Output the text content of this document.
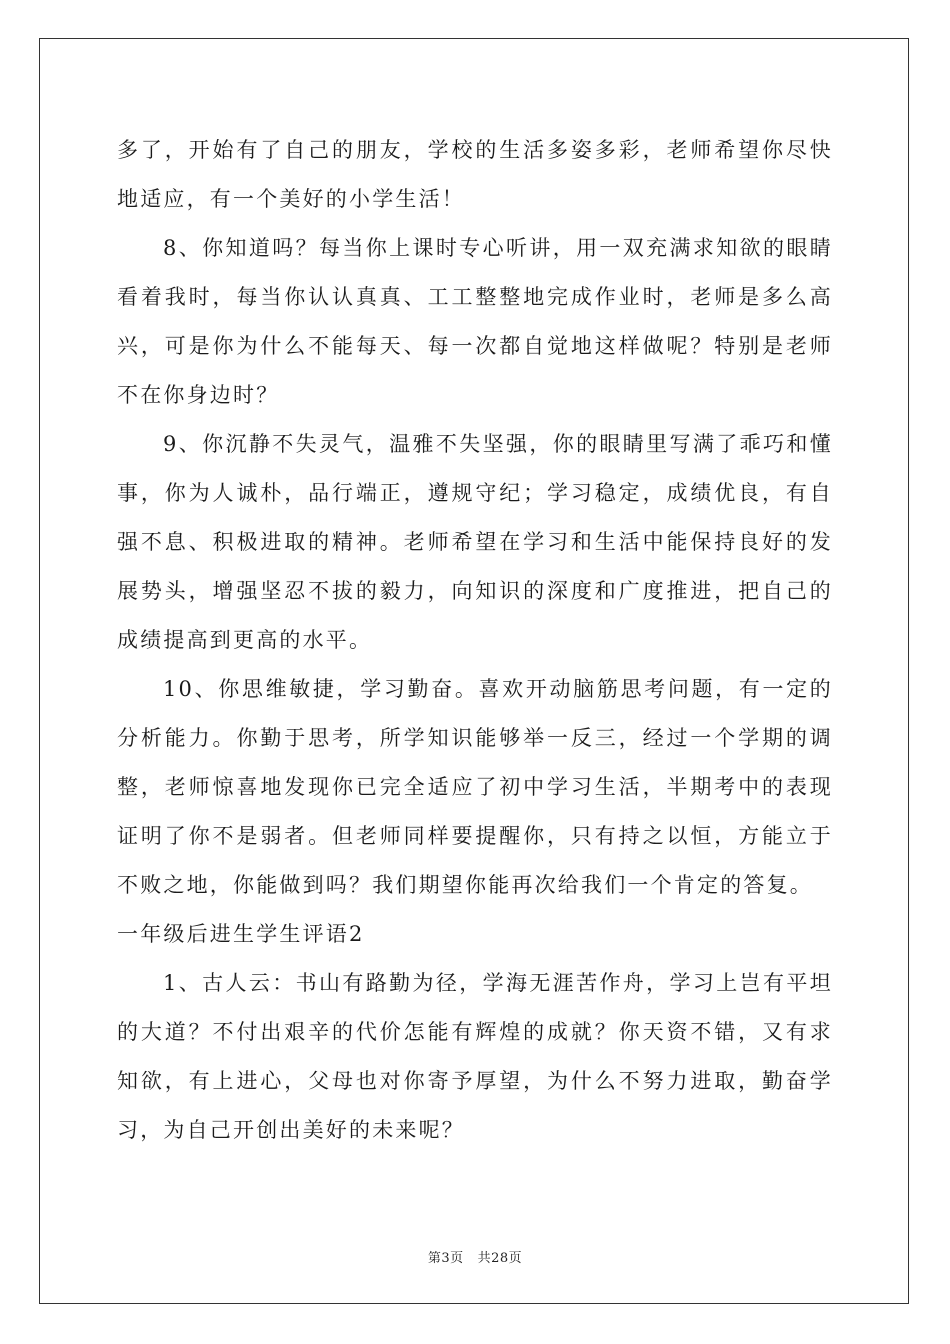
多了，开始有了自己的朋友，学校的生活多姿多彩，老师希望你尽快地适应，有一个美好的小学生活！

8、你知道吗？每当你上课时专心听讲，用一双充满求知欲的眼睛看着我时，每当你认认真真、工工整整地完成作业时，老师是多么高兴，可是你为什么不能每天、每一次都自觉地这样做呢？特别是老师不在你身边时？

9、你沉静不失灵气，温雅不失坚强，你的眼睛里写满了乖巧和懂事，你为人诚朴，品行端正，遵规守纪；学习稳定，成绩优良，有自强不息、积极进取的精神。老师希望在学习和生活中能保持良好的发展势头，增强坚忍不拔的毅力，向知识的深度和广度推进，把自己的成绩提高到更高的水平。

10、你思维敏捷，学习勤奋。喜欢开动脑筋思考问题，有一定的分析能力。你勤于思考，所学知识能够举一反三，经过一个学期的调整，老师惊喜地发现你已完全适应了初中学习生活，半期考中的表现证明了你不是弱者。但老师同样要提醒你，只有持之以恒，方能立于不败之地，你能做到吗？我们期望你能再次给我们一个肯定的答复。

一年级后进生学生评语2

1、古人云：书山有路勤为径，学海无涯苦作舟，学习上岂有平坦的大道？不付出艰辛的代价怎能有辉煌的成就？你天资不错，又有求知欲，有上进心，父母也对你寄予厚望，为什么不努力进取，勤奋学习，为自己开创出美好的未来呢？

第3页 共28页
